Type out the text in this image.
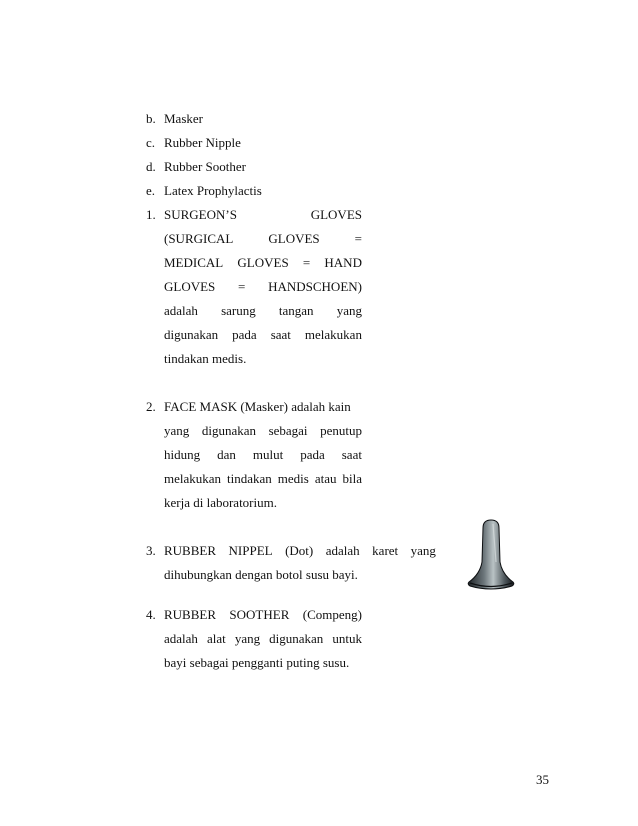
b. Masker
c. Rubber Nipple
d. Rubber Soother
e. Latex Prophylactis
1. SURGEON’S	GLOVES
(SURGICAL	GLOVES	=
MEDICAL GLOVES = HAND
GLOVES = HANDSCHOEN)
adalah sarung tangan yang
digunakan pada saat melakukan
tindakan medis.
2. FACE MASK (Masker) adalah kain
yang digunakan sebagai penutup
hidung dan mulut pada saat
melakukan tindakan medis atau bila
kerja di laboratorium.
3. RUBBER NIPPEL (Dot) adalah karet yang
dihubungkan dengan botol susu bayi.
4. RUBBER SOOTHER (Compeng)
adalah alat yang digunakan untuk
bayi sebagai pengganti puting susu.
35
